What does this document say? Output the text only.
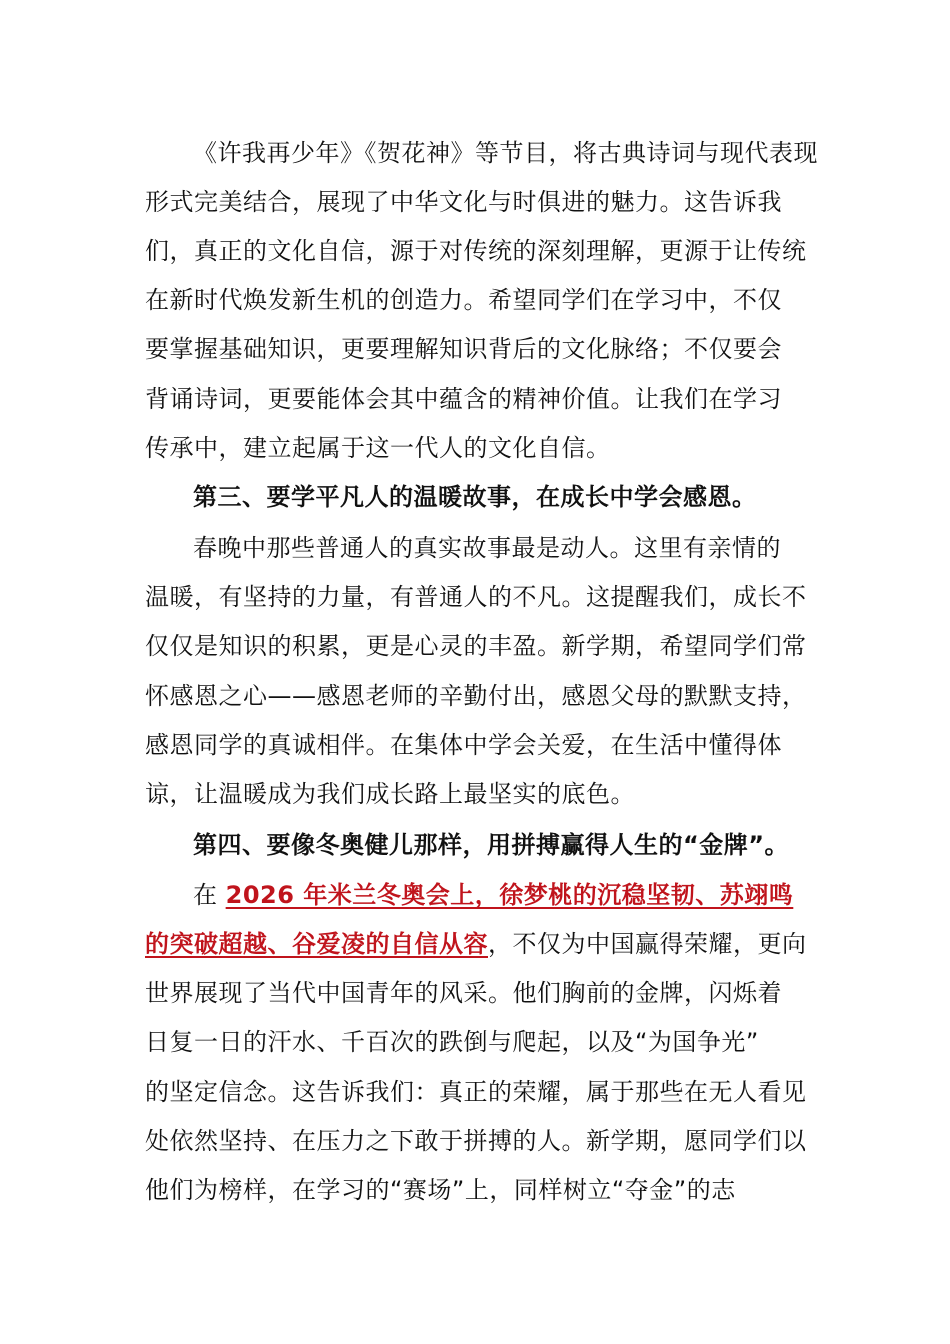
《许我再少年》《贺花神》等节目，将古典诗词与现代表现
形式完美结合，展现了中华文化与时俱进的魅力。这告诉我
们，真正的文化自信，源于对传统的深刻理解，更源于让传统
在新时代焕发新生机的创造力。希望同学们在学习中，不仅
要掌握基础知识，更要理解知识背后的文化脉络；不仅要会
背诵诗词，更要能体会其中蕴含的精神价值。让我们在学习
传承中，建立起属于这一代人的文化自信。
第三、要学平凡人的温暖故事，在成长中学会感恩。
春晚中那些普通人的真实故事最是动人。这里有亲情的
温暖，有坚持的力量，有普通人的不凡。这提醒我们，成长不
仅仅是知识的积累，更是心灵的丰盈。新学期，希望同学们常
怀感恩之心——感恩老师的辛勤付出，感恩父母的默默支持，
感恩同学的真诚相伴。在集体中学会关爱，在生活中懂得体
谅，让温暖成为我们成长路上最坚实的底色。
第四、要像冬奥健儿那样，用拼搏赢得人生的“金牌”。
在 2026 年米兰冬奥会上，徐梦桃的沉稳坚韧、苏翊鸣
的突破超越、谷爱凌的自信从容，不仅为中国赢得荣耀，更向
世界展现了当代中国青年的风采。他们胸前的金牌，闪烁着
日复一日的汗水、千百次的跌倒与爬起，以及“为国争光”
的坚定信念。这告诉我们：真正的荣耀，属于那些在无人看见
处依然坚持、在压力之下敢于拼搏的人。新学期，愿同学们以
他们为榜样，在学习的“赛场”上，同样树立“夺金”的志
